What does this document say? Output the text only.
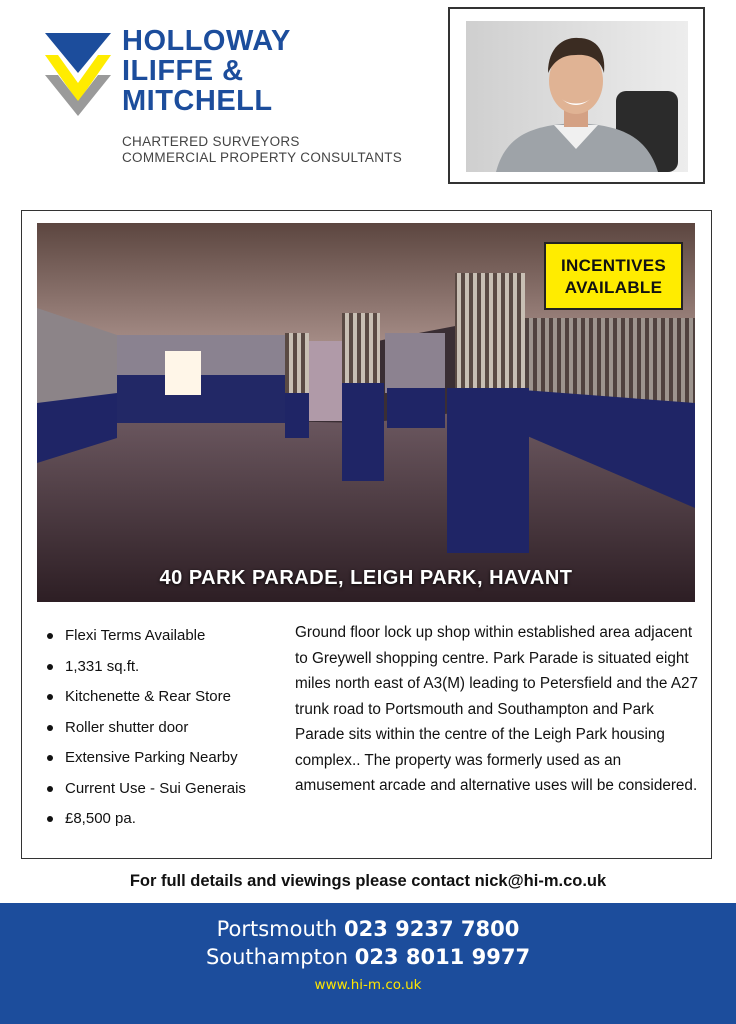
HOLLOWAY
ILIFFE &
MITCHELL
CHARTERED SURVEYORS
COMMERCIAL PROPERTY CONSULTANTS
INCENTIVES
AVAILABLE
40 PARK PARADE, LEIGH PARK, HAVANT
Flexi Terms Available
1,331 sq.ft.
Kitchenette & Rear Store
Roller shutter door
Extensive Parking Nearby
Current Use - Sui Generais
£8,500 pa.
Ground floor lock up shop within established area adjacent to Greywell shopping centre. Park Parade is situated eight miles north east of A3(M) leading to Petersfield and the A27 trunk road to Portsmouth and Southampton and Park Parade sits within the centre of the Leigh Park housing complex.. The property was formerly used as an amusement arcade and alternative uses will be considered.
For full details and viewings please contact nick@hi-m.co.uk
Portsmouth 023 9237 7800
Southampton 023 8011 9977
www.hi-m.co.uk
